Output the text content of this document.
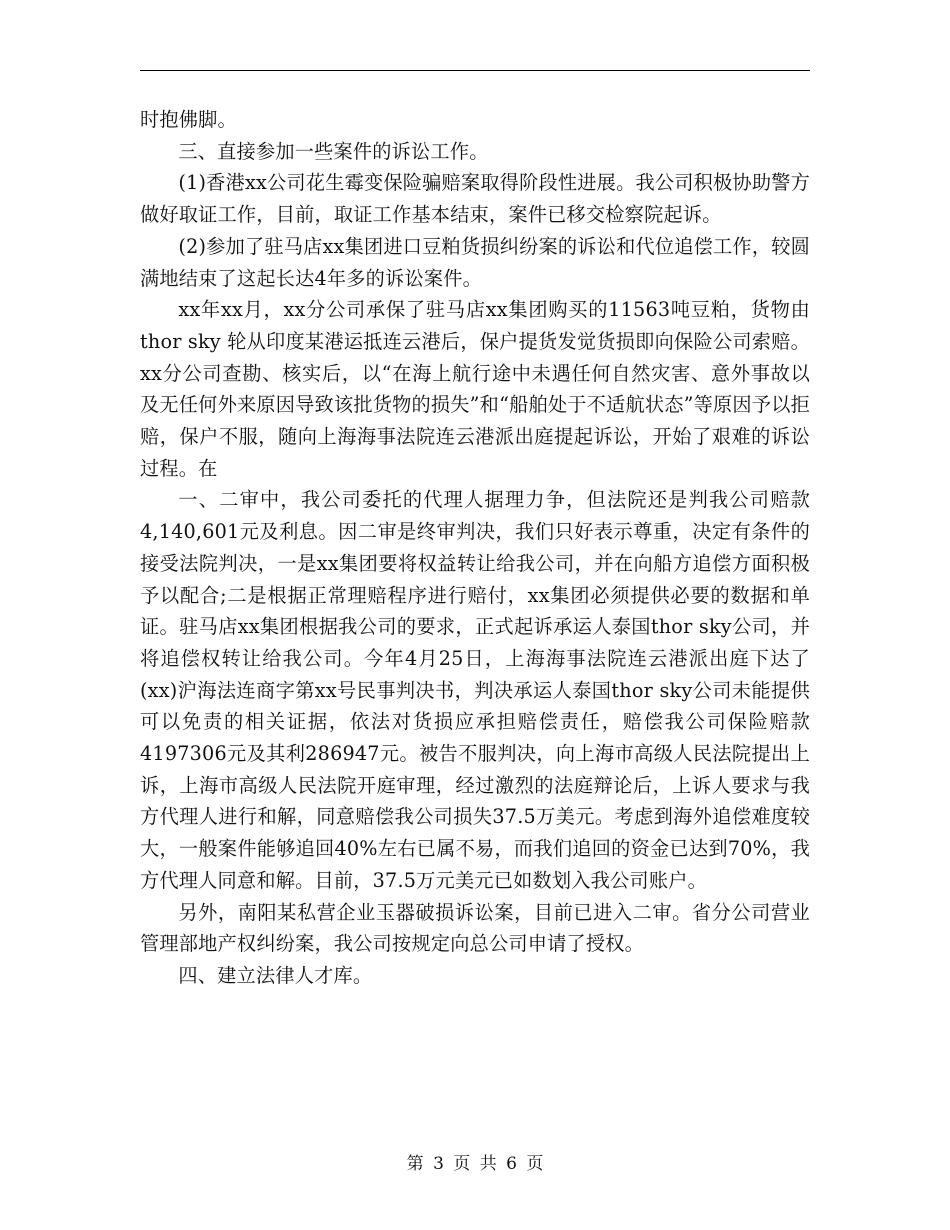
时抱佛脚。

三、直接参加一些案件的诉讼工作。

(1)香港xx公司花生霉变保险骗赔案取得阶段性进展。我公司积极协助警方做好取证工作，目前，取证工作基本结束，案件已移交检察院起诉。

(2)参加了驻马店xx集团进口豆粕货损纠纷案的诉讼和代位追偿工作，较圆满地结束了这起长达4年多的诉讼案件。

xx年xx月，xx分公司承保了驻马店xx集团购买的11563吨豆粕，货物由thor sky 轮从印度某港运抵连云港后，保户提货发觉货损即向保险公司索赔。xx分公司查勘、核实后，以“在海上航行途中未遇任何自然灾害、意外事故以及无任何外来原因导致该批货物的损失”和“船舶处于不适航状态”等原因予以拒赔，保户不服，随向上海海事法院连云港派出庭提起诉讼，开始了艰难的诉讼过程。在

一、二审中，我公司委托的代理人据理力争，但法院还是判我公司赔款4,140,601元及利息。因二审是终审判决，我们只好表示尊重，决定有条件的接受法院判决，一是xx集团要将权益转让给我公司，并在向船方追偿方面积极予以配合;二是根据正常理赔程序进行赔付，xx集团必须提供必要的数据和单证。驻马店xx集团根据我公司的要求，正式起诉承运人泰国thor sky公司，并将追偿权转让给我公司。今年4月25日，上海海事法院连云港派出庭下达了(xx)沪海法连商字第xx号民事判决书，判决承运人泰国thor sky公司未能提供可以免责的相关证据，依法对货损应承担赔偿责任，赔偿我公司保险赔款4197306元及其利286947元。被告不服判决，向上海市高级人民法院提出上诉，上海市高级人民法院开庭审理，经过激烈的法庭辩论后，上诉人要求与我方代理人进行和解，同意赔偿我公司损失37.5万美元。考虑到海外追偿难度较大，一般案件能够追回40%左右已属不易，而我们追回的资金已达到70%，我方代理人同意和解。目前，37.5万元美元已如数划入我公司账户。

另外，南阳某私营企业玉器破损诉讼案，目前已进入二审。省分公司营业管理部地产权纠纷案，我公司按规定向总公司申请了授权。

四、建立法律人才库。

第 3 页 共 6 页
